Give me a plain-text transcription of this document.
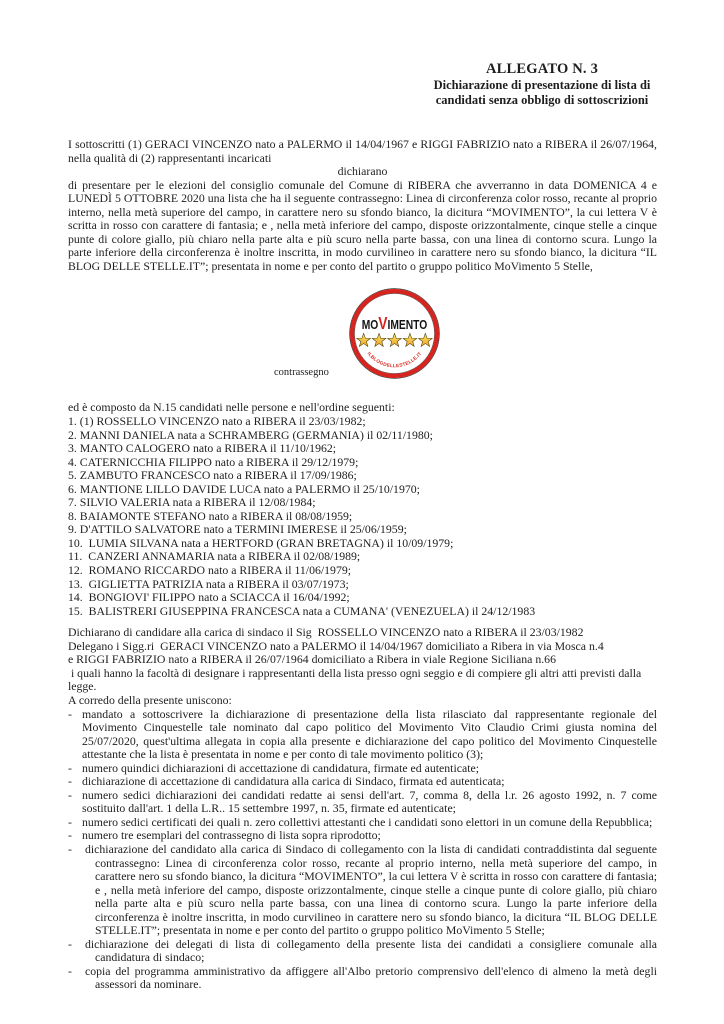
ALLEGATO N. 3
Dichiarazione di presentazione di lista di
candidati senza obbligo di sottoscrizioni

I sottoscritti (1) GERACI VINCENZO nato a PALERMO il 14/04/1967 e RIGGI FABRIZIO nato a RIBERA il 26/07/1964, nella qualità di (2) rappresentanti incaricati

dichiarano

di presentare per le elezioni del consiglio comunale del Comune di RIBERA che avverranno in data DOMENICA 4 e LUNEDÌ 5 OTTOBRE 2020 una lista che ha il seguente contrassegno: Linea di circonferenza color rosso, recante al proprio interno, nella metà superiore del campo, in carattere nero su sfondo bianco, la dicitura “MOVIMENTO”, la cui lettera V è scritta in rosso con carattere di fantasia; e , nella metà inferiore del campo, disposte orizzontalmente, cinque stelle a cinque punte di colore giallo, più chiaro nella parte alta e più scuro nella parte bassa, con una linea di contorno scura. Lungo la parte inferiore della circonferenza è inoltre inscritta, in modo curvilineo in carattere nero su sfondo bianco, la dicitura “IL BLOG DELLE STELLE.IT”; presentata in nome e per conto del partito o gruppo politico MoVimento 5 Stelle,

MOVIMENTO
ILBLOGDELLESTELLE.IT
contrassegno

ed è composto da N.15 candidati nelle persone e nell'ordine seguenti:

1. (1) ROSSELLO VINCENZO nato a RIBERA il 23/03/1982;
2. MANNI DANIELA nata a SCHRAMBERG (GERMANIA) il 02/11/1980;
3. MANTO CALOGERO nato a RIBERA il 11/10/1962;
4. CATERNICCHIA FILIPPO nato a RIBERA il 29/12/1979;
5. ZAMBUTO FRANCESCO nato a RIBERA il 17/09/1986;
6. MANTIONE LILLO DAVIDE LUCA nato a PALERMO il 25/10/1970;
7. SILVIO VALERIA nata a RIBERA il 12/08/1984;
8. BAIAMONTE STEFANO nato a RIBERA il 08/08/1959;
9. D'ATTILO SALVATORE nato a TERMINI IMERESE il 25/06/1959;
10.  LUMIA SILVANA nata a HERTFORD (GRAN BRETAGNA) il 10/09/1979;
11.  CANZERI ANNAMARIA nata a RIBERA il 02/08/1989;
12.  ROMANO RICCARDO nato a RIBERA il 11/06/1979;
13.  GIGLIETTA PATRIZIA nata a RIBERA il 03/07/1973;
14.  BONGIOVI' FILIPPO nato a SCIACCA il 16/04/1992;
15.  BALISTRERI GIUSEPPINA FRANCESCA nata a CUMANA' (VENEZUELA) il 24/12/1983
Dichiarano di candidare alla carica di sindaco il Sig  ROSSELLO VINCENZO nato a RIBERA il 23/03/1982
Delegano i Sigg.ri  GERACI VINCENZO nato a PALERMO il 14/04/1967 domiciliato a Ribera in via Mosca n.4
e RIGGI FABRIZIO nato a RIBERA il 26/07/1964 domiciliato a Ribera in viale Regione Siciliana n.66
i quali hanno la facoltà di designare i rappresentanti della lista presso ogni seggio e di compiere gli altri atti previsti dalla legge.
A corredo della presente uniscono:
- mandato a sottoscrivere la dichiarazione di presentazione della lista rilasciato dal rappresentante regionale del Movimento Cinquestelle tale nominato dal capo politico del Movimento Vito Claudio Crimi giusta nomina del 25/07/2020, quest'ultima allegata in copia alla presente e dichiarazione del capo politico del Movimento Cinquestelle attestante che la lista è presentata in nome e per conto di tale movimento politico (3);
- numero quindici dichiarazioni di accettazione di candidatura, firmate ed autenticate;
- dichiarazione di accettazione di candidatura alla carica di Sindaco, firmata ed autenticata;
- numero sedici dichiarazioni dei candidati redatte ai sensi dell'art. 7, comma 8, della l.r. 26 agosto 1992, n. 7 come sostituito dall'art. 1 della L.R.. 15 settembre 1997, n. 35, firmate ed autenticate;
- numero sedici certificati dei quali n. zero collettivi attestanti che i candidati sono elettori in un comune della Repubblica;
- numero tre esemplari del contrassegno di lista sopra riprodotto;
- dichiarazione del candidato alla carica di Sindaco di collegamento con la lista di candidati contraddistinta dal seguente contrassegno: Linea di circonferenza color rosso, recante al proprio interno, nella metà superiore del campo, in carattere nero su sfondo bianco, la dicitura “MOVIMENTO”, la cui lettera V è scritta in rosso con carattere di fantasia; e , nella metà inferiore del campo, disposte orizzontalmente, cinque stelle a cinque punte di colore giallo, più chiaro nella parte alta e più scuro nella parte bassa, con una linea di contorno scura. Lungo la parte inferiore della circonferenza è inoltre inscritta, in modo curvilineo in carattere nero su sfondo bianco, la dicitura “IL BLOG DELLE STELLE.IT”; presentata in nome e per conto del partito o gruppo politico MoVimento 5 Stelle;
- dichiarazione dei delegati di lista di collegamento della presente lista dei candidati a consigliere comunale alla candidatura di sindaco;
- copia del programma amministrativo da affiggere all'Albo pretorio comprensivo dell'elenco di almeno la metà degli assessori da nominare.
